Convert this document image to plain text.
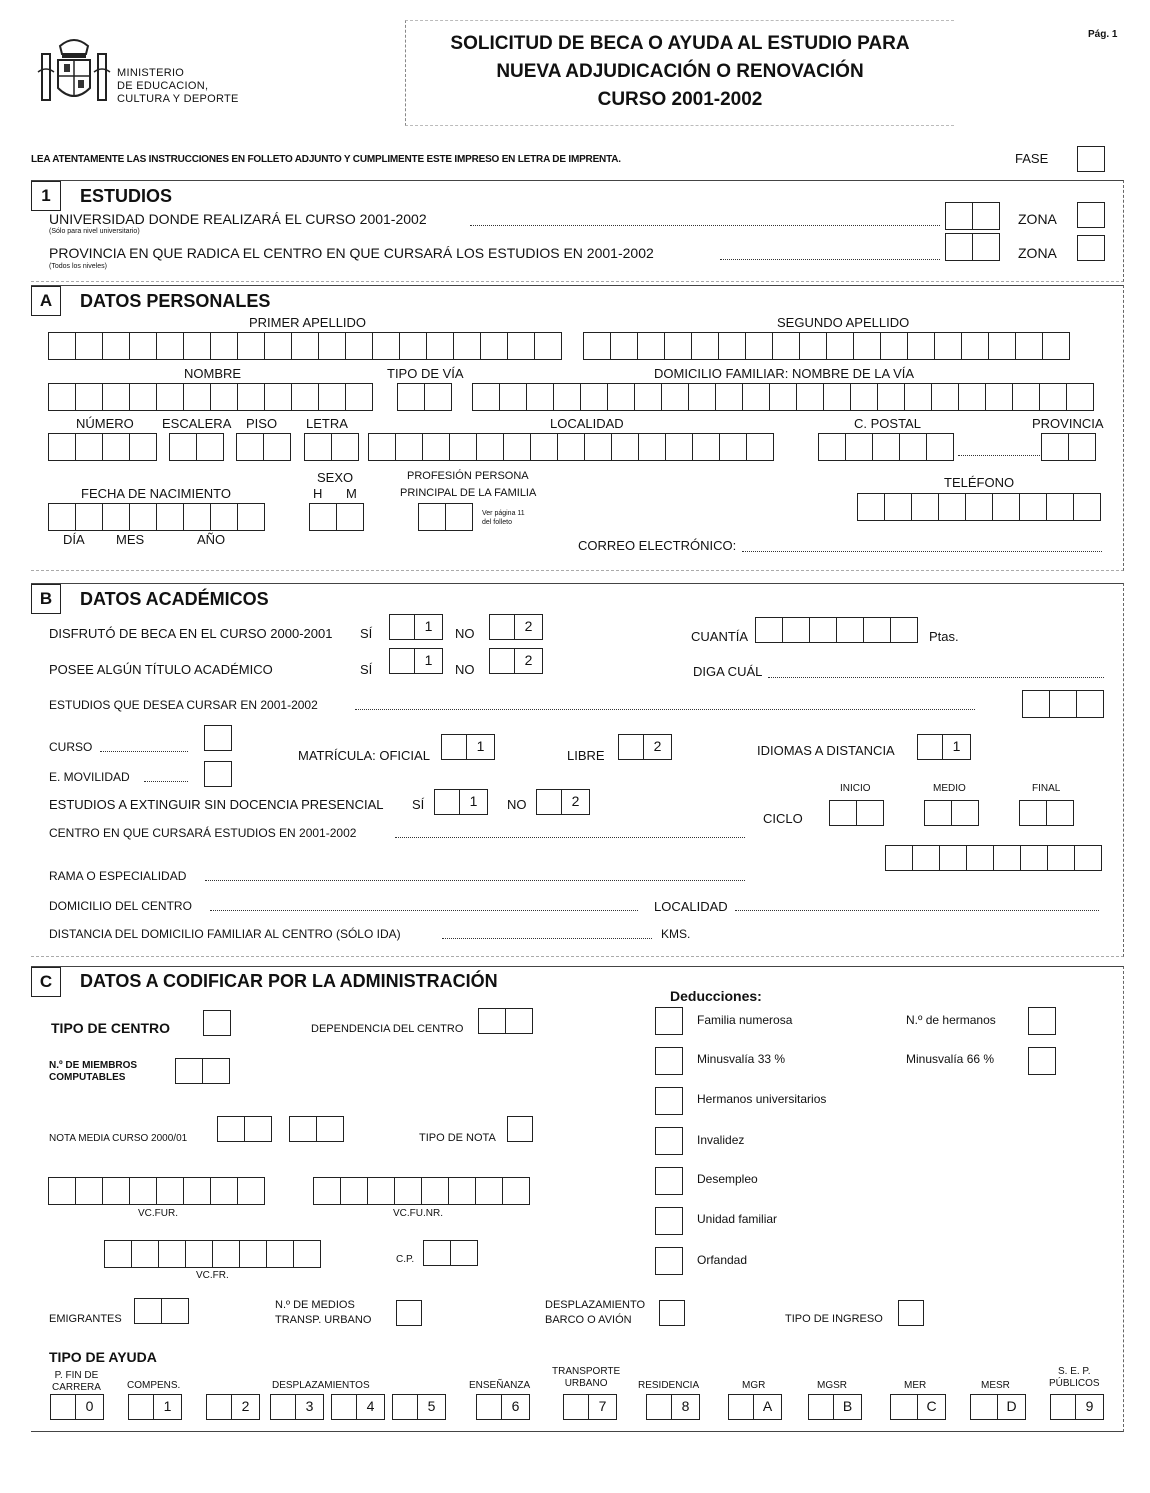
MINISTERIO
DE EDUCACION,
CULTURA Y DEPORTE
SOLICITUD DE BECA O AYUDA AL ESTUDIO PARA
NUEVA ADJUDICACIÓN O RENOVACIÓN
CURSO 2001-2002
Pág. 1
LEA ATENTAMENTE LAS INSTRUCCIONES EN FOLLETO ADJUNTO Y CUMPLIMENTE ESTE IMPRESO EN LETRA DE IMPRENTA.	FASE
1	ESTUDIOS
UNIVERSIDAD DONDE REALIZARÁ EL CURSO 2001-2002
(Sólo para nivel universitario)
ZONA
PROVINCIA EN QUE RADICA EL CENTRO EN QUE CURSARÁ LOS ESTUDIOS EN 2001-2002
(Todos los niveles)
ZONA
A	DATOS PERSONALES
PRIMER APELLIDO	SEGUNDO APELLIDO
NOMBRE	TIPO DE VÍA	DOMICILIO FAMILIAR: NOMBRE DE LA VÍA
NÚMERO ESCALERA PISO LETRA	LOCALIDAD	C. POSTAL	PROVINCIA
FECHA DE NACIMIENTO
SEXO
H M
PROFESIÓN PERSONA
PRINCIPAL DE LA FAMILIA
TELÉFONO
Ver página 11
del folleto
DÍA MES	AÑO	CORREO ELECTRÓNICO:
B	DATOS ACADÉMICOS
DISFRUTÓ DE BECA EN EL CURSO 2000-2001 SÍ	1	NO	2
CUANTÍA	Ptas.
POSEE ALGÚN TÍTULO ACADÉMICO	SÍ
1
NO
2
DIGA CUÁL
ESTUDIOS QUE DESEA CURSAR EN 2001-2002
CURSO
MATRÍCULA: OFICIAL
1
LIBRE
2	IDIOMAS A DISTANCIA	1
E. MOVILIDAD
INICIO	MEDIO	FINAL
ESTUDIOS A EXTINGUIR SIN DOCENCIA PRESENCIAL SÍ	1	NO	2
CICLO
CENTRO EN QUE CURSARÁ ESTUDIOS EN 2001-2002
RAMA O ESPECIALIDAD
DOMICILIO DEL CENTRO	LOCALIDAD
DISTANCIA DEL DOMICILIO FAMILIAR AL CENTRO (SÓLO IDA)	KMS.
C	DATOS A CODIFICAR POR LA ADMINISTRACIÓN
Deducciones:
TIPO DE CENTRO	DEPENDENCIA DEL CENTRO
N.º DE MIEMBROS
COMPUTABLES
NOTA MEDIA CURSO 2000/01	TIPO DE NOTA
VC.FUR.	VC.FU.NR.
VC.FR.
C.P.
EMIGRANTES
N.º DE MEDIOS
TRANSP. URBANO
DESPLAZAMIENTO
BARCO O AVIÓN	TIPO DE INGRESO
Familia numerosa
Minusvalía 33 %
Hermanos universitarios
Invalidez
Desempleo
Unidad familiar
Orfandad
N.º de hermanos
Minusvalía 66 %
TIPO DE AYUDA
P. FIN DE
CARRERA	COMPENS.	DESPLAZAMIENTOS	ENSEÑANZA
TRANSPORTE
URBANO	RESIDENCIA	MGR	MGSR	MER	MESR
S. E. P.
PÚBLICOS
0	1	2	3	4	5	6	7	8	A	B	C	D	9
